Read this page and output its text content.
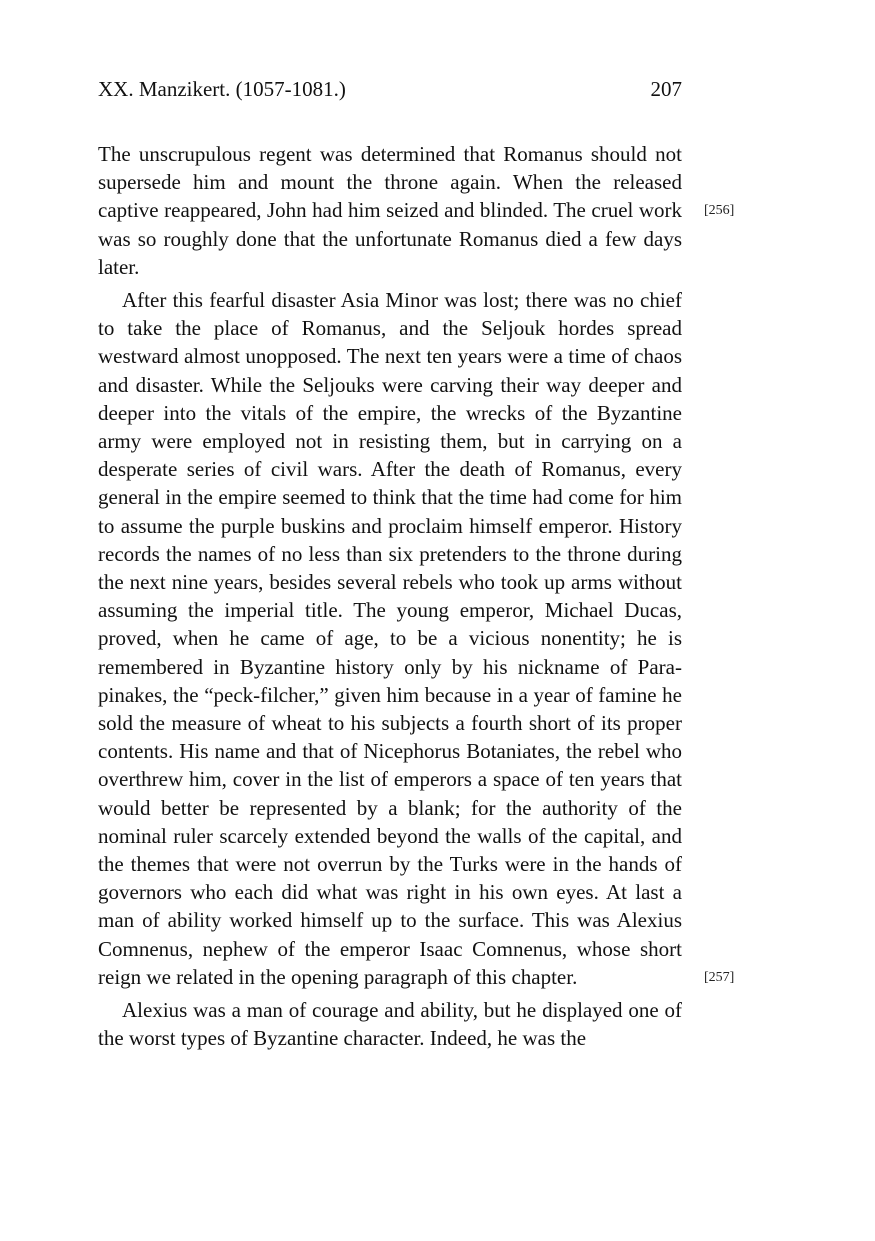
XX. Manzikert. (1057-1081.)	207

The unscrupulous regent was determined that Romanus should not supersede him and mount the throne again. When the released captive reappeared, John had him seized and blinded. The cruel work was so roughly done that the unfortunate Romanus died a few days later.

After this fearful disaster Asia Minor was lost; there was no chief to take the place of Romanus, and the Seljouk hordes spread westward almost unopposed. The next ten years were a time of chaos and disaster. While the Seljouks were carving their way deeper and deeper into the vitals of the empire, the wrecks of the Byzantine army were employed not in resisting them, but in carrying on a desperate series of civil wars. After the death of Romanus, every general in the empire seemed to think that the time had come for him to assume the purple buskins and proclaim himself emperor. History records the names of no less than six pretenders to the throne during the next nine years, besides several rebels who took up arms without assuming the imperial title. The young emperor, Michael Ducas, proved, when he came of age, to be a vicious nonentity; he is remembered in Byzantine history only by his nickname of Para-pinakes, the “peck-filcher,” given him because in a year of famine he sold the measure of wheat to his subjects a fourth short of its proper contents. His name and that of Nicephorus Botaniates, the rebel who overthrew him, cover in the list of emperors a space of ten years that would better be represented by a blank; for the authority of the nominal ruler scarcely extended beyond the walls of the capital, and the themes that were not overrun by the Turks were in the hands of governors who each did what was right in his own eyes. At last a man of ability worked himself up to the surface. This was Alexius Comnenus, nephew of the emperor Isaac Comnenus, whose short reign we related in the opening paragraph of this chapter.

Alexius was a man of courage and ability, but he displayed one of the worst types of Byzantine character. Indeed, he was the

[256]
[257]
